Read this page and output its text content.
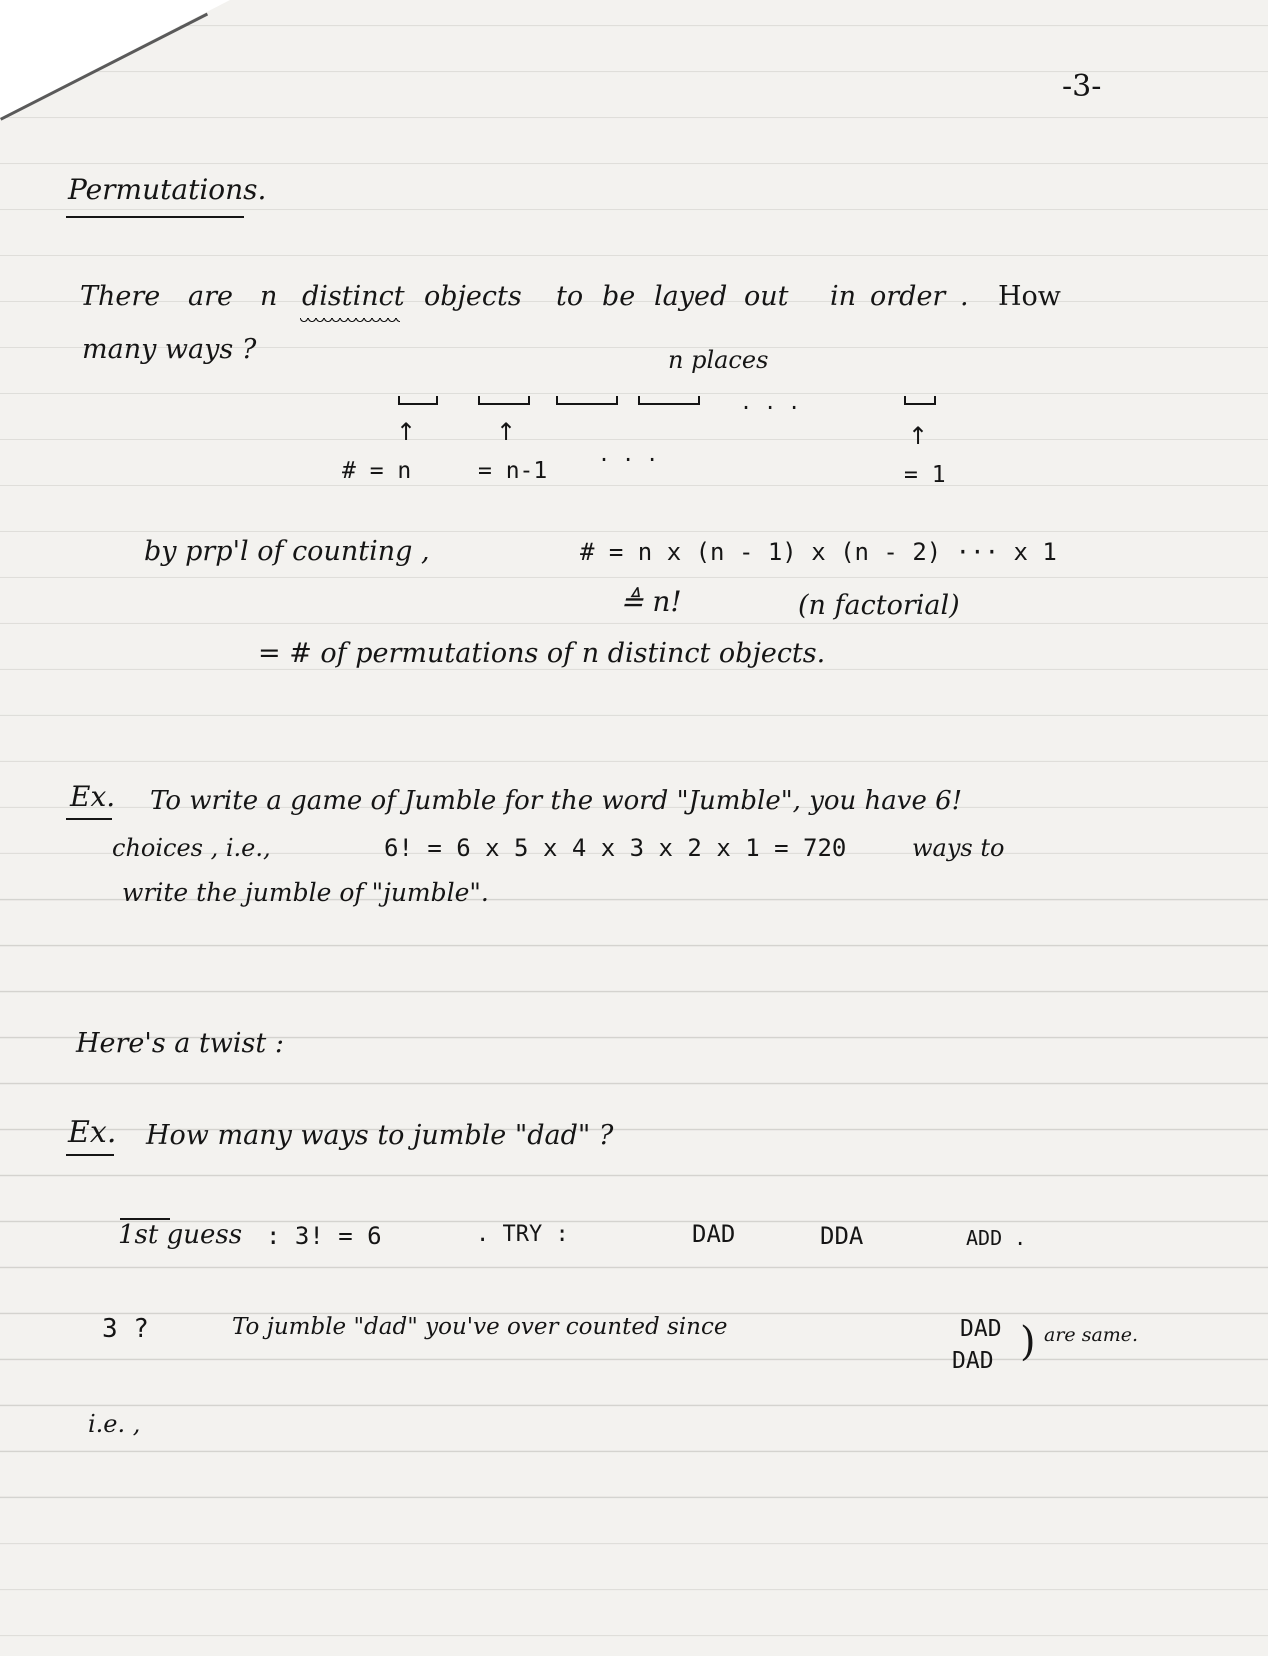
-3-
Permutations.
There are n distinct objects to be layed out in order . How
many ways ?	n places
. . .
↑	↑	↑
# = n	= n-1
. . .
= 1
by prp'l of counting ,	# = n x (n - 1) x (n - 2) ··· x 1
≜ n!	(n factorial)
= # of permutations of n distinct objects.
Ex. To write a game of Jumble for the word "Jumble", you have 6!
choices , i.e.,	6! = 6 x 5 x 4 x 3 x 2 x 1 = 720	ways to
write the jumble of "jumble".
Here's a twist :
Ex. How many ways to jumble "dad" ?
1st guess : 3! = 6	. TRY :	DAD	DDA	ADD .
3 ?	To jumble "dad" you've over counted since	DAD
DAD ) are same.
i.e. ,
